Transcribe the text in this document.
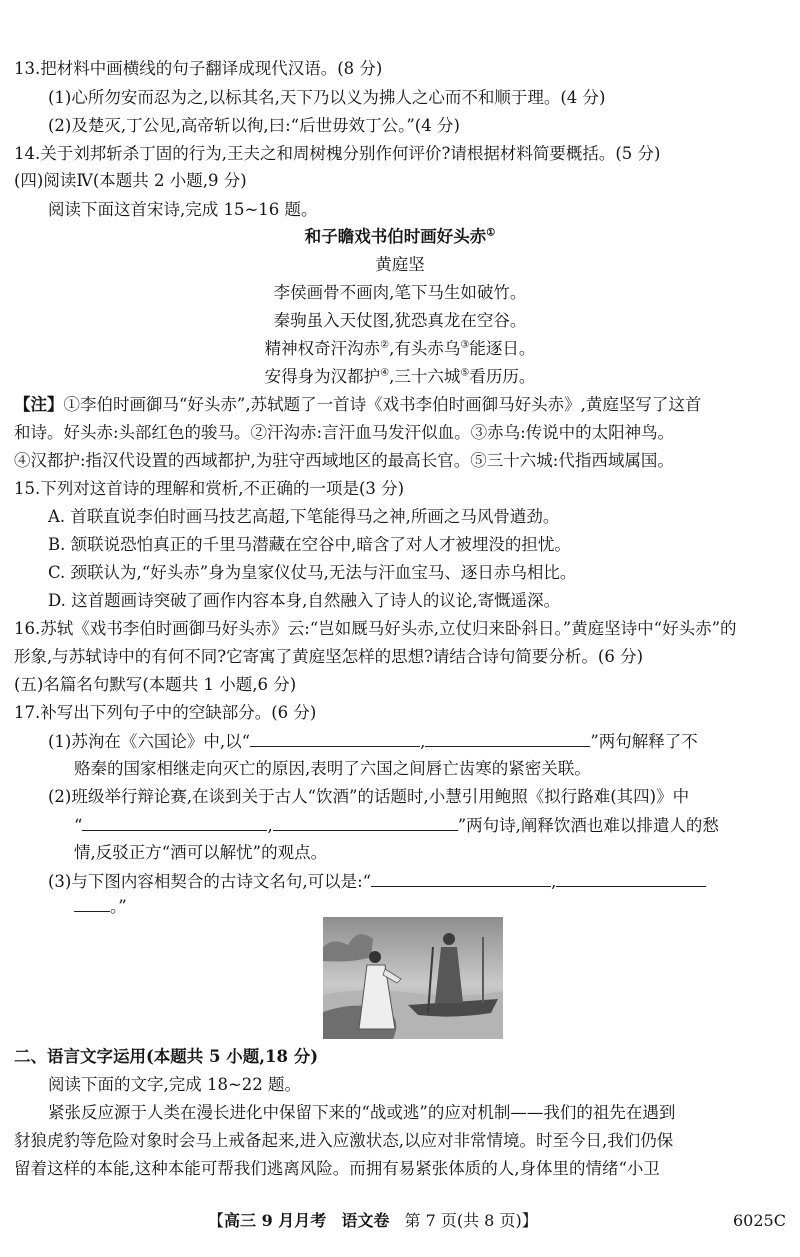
13.把材料中画横线的句子翻译成现代汉语。(8 分)
(1)心所勿安而忍为之,以标其名,天下乃以义为拂人之心而不和顺于理。(4 分)
(2)及楚灭,丁公见,高帝斩以徇,曰:“后世毋效丁公。”(4 分)
14.关于刘邦斩杀丁固的行为,王夫之和周树槐分别作何评价?请根据材料简要概括。(5 分)
(四)阅读Ⅳ(本题共 2 小题,9 分)
阅读下面这首宋诗,完成 15~16 题。
和子瞻戏书伯时画好头赤①
黄庭坚
李侯画骨不画肉,笔下马生如破竹。
秦驹虽入天仗图,犹恐真龙在空谷。
精神权奇汗沟赤②,有头赤乌③能逐日。
安得身为汉都护④,三十六城⑤看历历。
【注】①李伯时画御马“好头赤”,苏轼题了一首诗《戏书李伯时画御马好头赤》,黄庭坚写了这首
和诗。好头赤:头部红色的骏马。②汗沟赤:言汗血马发汗似血。③赤乌:传说中的太阳神鸟。
④汉都护:指汉代设置的西域都护,为驻守西域地区的最高长官。⑤三十六城:代指西域属国。
15.下列对这首诗的理解和赏析,不正确的一项是(3 分)
A. 首联直说李伯时画马技艺高超,下笔能得马之神,所画之马风骨遒劲。
B. 颔联说恐怕真正的千里马潜藏在空谷中,暗含了对人才被埋没的担忧。
C. 颈联认为,“好头赤”身为皇家仪仗马,无法与汗血宝马、逐日赤乌相比。
D. 这首题画诗突破了画作内容本身,自然融入了诗人的议论,寄慨遥深。
16.苏轼《戏书李伯时画御马好头赤》云:“岂如厩马好头赤,立仗归来卧斜日。”黄庭坚诗中“好头赤”的
形象,与苏轼诗中的有何不同?它寄寓了黄庭坚怎样的思想?请结合诗句简要分析。(6 分)
(五)名篇名句默写(本题共 1 小题,6 分)
17.补写出下列句子中的空缺部分。(6 分)
(1)苏洵在《六国论》中,以“	,	”两句解释了不
赂秦的国家相继走向灭亡的原因,表明了六国之间唇亡齿寒的紧密关联。
(2)班级举行辩论赛,在谈到关于古人“饮酒”的话题时,小慧引用鲍照《拟行路难(其四)》中
“	,	”两句诗,阐释饮酒也难以排遣人的愁
情,反驳正方“酒可以解忧”的观点。
(3)与下图内容相契合的古诗文名句,可以是:“	,
。”
二、语言文字运用(本题共 5 小题,18 分)
阅读下面的文字,完成 18~22 题。
紧张反应源于人类在漫长进化中保留下来的“战或逃”的应对机制——我们的祖先在遇到
豺狼虎豹等危险对象时会马上戒备起来,进入应激状态,以应对非常情境。时至今日,我们仍保
留着这样的本能,这种本能可帮我们逃离风险。而拥有易紧张体质的人,身体里的情绪“小卫
【高三 9 月月考 语文卷 第 7 页(共 8 页)】	6025C
